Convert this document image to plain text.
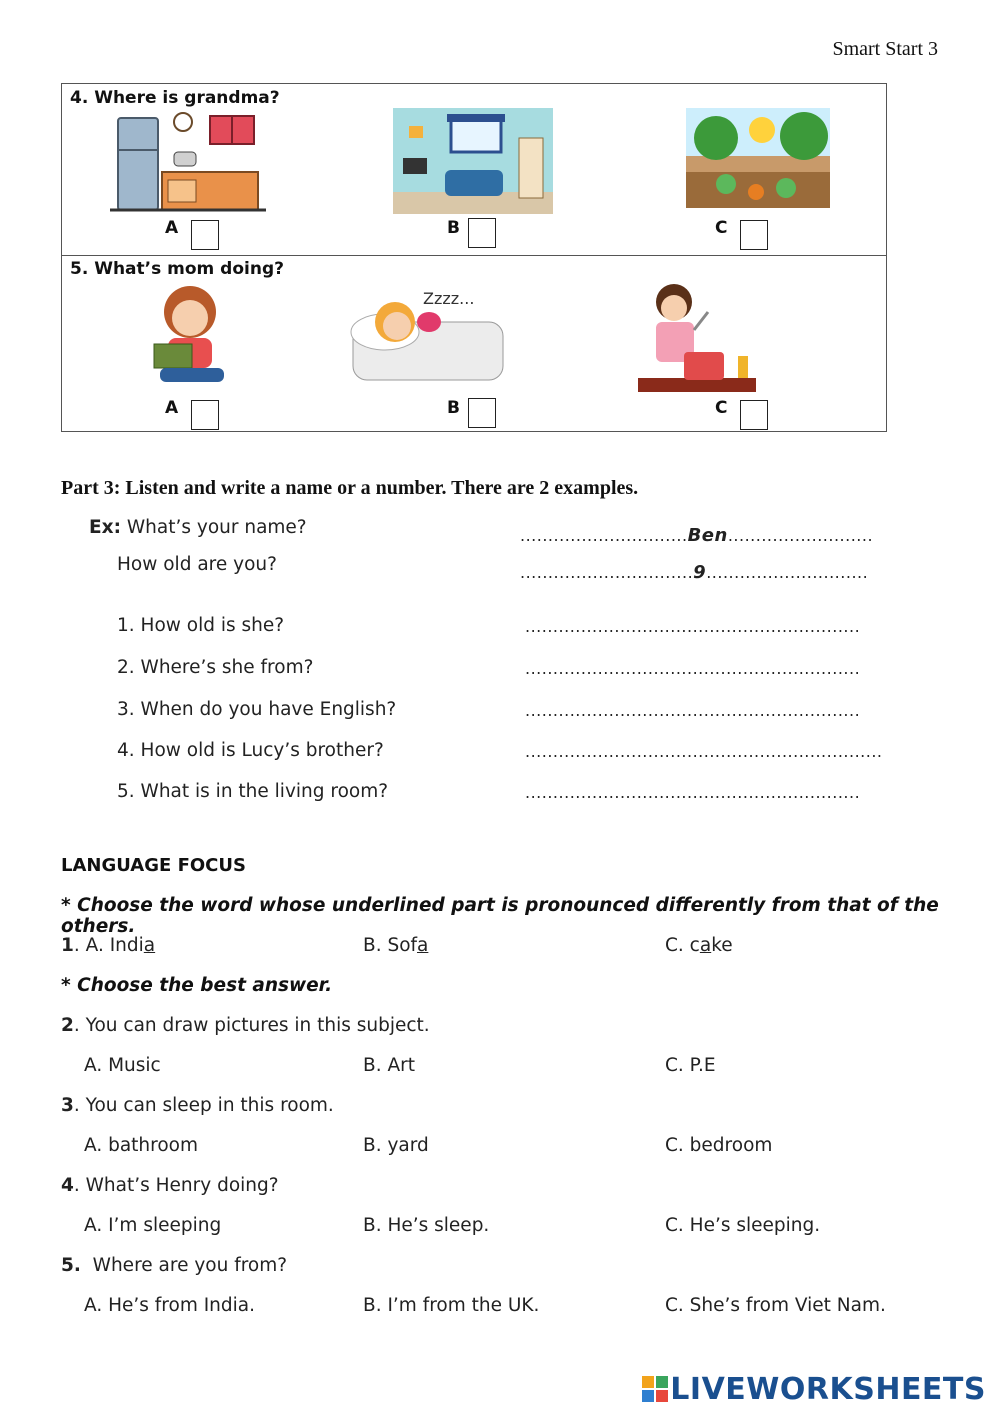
Smart Start 3
4. Where is grandma?
A	B	C
5. What’s mom doing?
Zzzz...
A	B	C
Part 3: Listen and write a name or a number. There are 2 examples.
Ex: What’s your name?	..............................Ben..........................
How old are you?	...............................9.............................
1. How old is she?	............................................................
2. Where’s she from?	............................................................
3. When do you have English?	............................................................
4. How old is Lucy’s brother?	................................................................
5. What is in the living room?	............................................................
LANGUAGE FOCUS
* Choose the word whose underlined part is pronounced differently from that of the others.
1. A. India	B. Sofa	C. cake
* Choose the best answer.
2. You can draw pictures in this subject.
A. Music	B. Art	C. P.E
3. You can sleep in this room.
A. bathroom	B. yard	C. bedroom
4. What’s Henry doing?
A. I’m sleeping	B. He’s sleep.	C. He’s sleeping.
5.  Where are you from?
A. He’s from India.	B. I’m from the UK.	C. She’s from Viet Nam.
LIVEWORKSHEETS
